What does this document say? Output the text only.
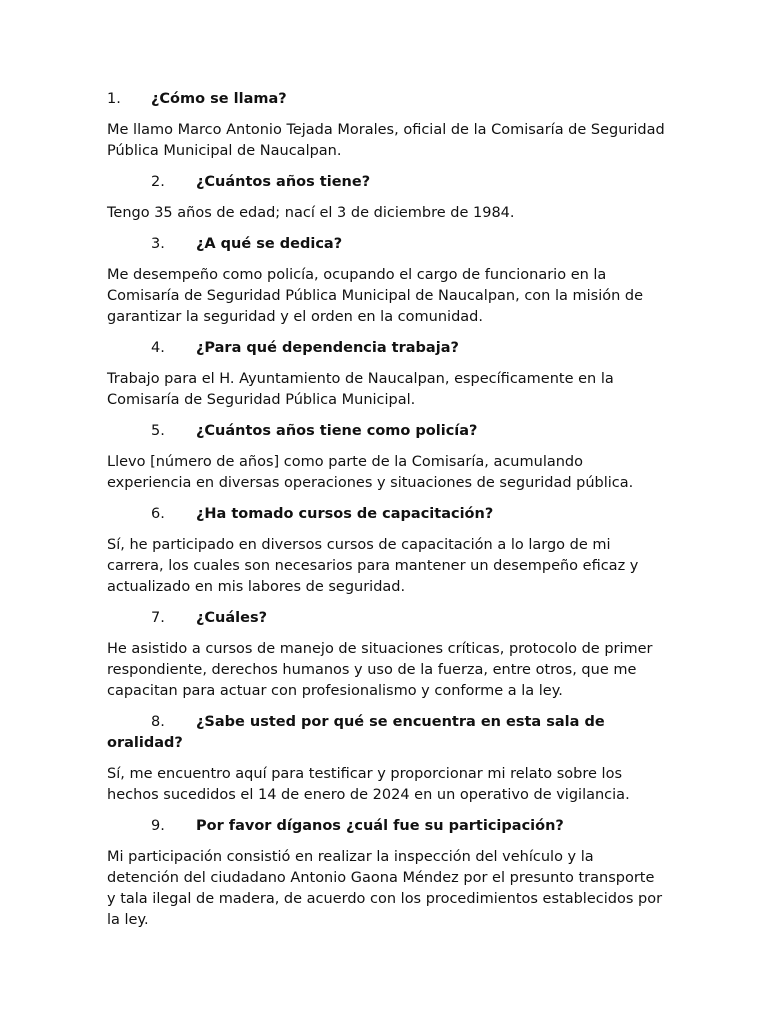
1.	¿Cómo se llama?

Me llamo Marco Antonio Tejada Morales, oficial de la Comisaría de Seguridad Pública Municipal de Naucalpan.

2.	¿Cuántos años tiene?

Tengo 35 años de edad; nací el 3 de diciembre de 1984.

3.	¿A qué se dedica?

Me desempeño como policía, ocupando el cargo de funcionario en la Comisaría de Seguridad Pública Municipal de Naucalpan, con la misión de garantizar la seguridad y el orden en la comunidad.

4.	¿Para qué dependencia trabaja?

Trabajo para el H. Ayuntamiento de Naucalpan, específicamente en la Comisaría de Seguridad Pública Municipal.

5.	¿Cuántos años tiene como policía?

Llevo [número de años] como parte de la Comisaría, acumulando experiencia en diversas operaciones y situaciones de seguridad pública.

6.	¿Ha tomado cursos de capacitación?

Sí, he participado en diversos cursos de capacitación a lo largo de mi carrera, los cuales son necesarios para mantener un desempeño eficaz y actualizado en mis labores de seguridad.

7.	¿Cuáles?

He asistido a cursos de manejo de situaciones críticas, protocolo de primer respondiente, derechos humanos y uso de la fuerza, entre otros, que me capacitan para actuar con profesionalismo y conforme a la ley.

8.	¿Sabe usted por qué se encuentra en esta sala de oralidad?

Sí, me encuentro aquí para testificar y proporcionar mi relato sobre los hechos sucedidos el 14 de enero de 2024 en un operativo de vigilancia.

9.	Por favor díganos ¿cuál fue su participación?

Mi participación consistió en realizar la inspección del vehículo y la detención del ciudadano Antonio Gaona Méndez por el presunto transporte y tala ilegal de madera, de acuerdo con los procedimientos establecidos por la ley.
